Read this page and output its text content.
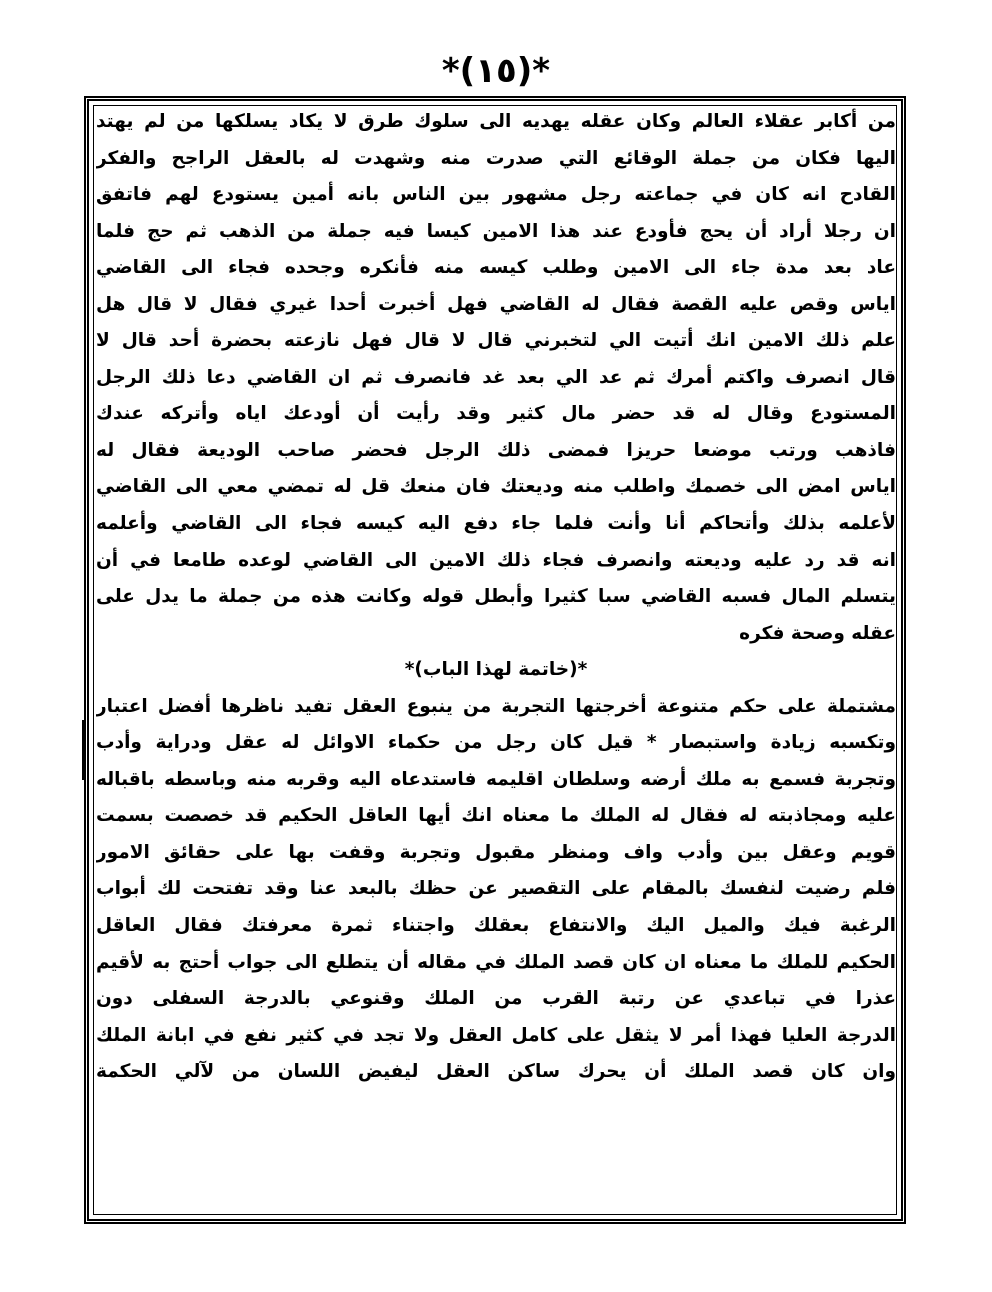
*(١٥)*
من أكابر عقلاء العالم وكان عقله يهديه الى سلوك طرق لا يكاد يسلكها من لم يهتد
اليها فكان من جملة الوقائع التي صدرت منه وشهدت له بالعقل الراجح والفكر
القادح انه كان في جماعته رجل مشهور بين الناس بانه أمين يستودع لهم فاتفق
ان رجلا أراد أن يحج فأودع عند هذا الامين كيسا فيه جملة من الذهب ثم حج فلما
عاد بعد مدة جاء الى الامين وطلب كيسه منه فأنكره وجحده فجاء الى القاضي
اياس وقص عليه القصة فقال له القاضي فهل أخبرت أحدا غيري فقال لا قال هل
علم ذلك الامين انك أتيت الي لتخبرني قال لا قال فهل نازعته بحضرة أحد قال لا
قال انصرف واكتم أمرك ثم عد الي بعد غد فانصرف ثم ان القاضي دعا ذلك الرجل
المستودع وقال له قد حضر مال كثير وقد رأيت أن أودعك اياه وأتركه عندك
فاذهب ورتب موضعا حريزا فمضى ذلك الرجل فحضر صاحب الوديعة فقال له
اياس امض الى خصمك واطلب منه وديعتك فان منعك قل له تمضي معي الى القاضي
لأعلمه بذلك وأتحاكم أنا وأنت فلما جاء دفع اليه كيسه فجاء الى القاضي وأعلمه
انه قد رد عليه وديعته وانصرف فجاء ذلك الامين الى القاضي لوعده طامعا في أن
يتسلم المال فسبه القاضي سبا كثيرا وأبطل قوله وكانت هذه من جملة ما يدل على
عقله وصحة فكره
*(خاتمة لهذا الباب)*
مشتملة على حكم متنوعة أخرجتها التجربة من ينبوع العقل تفيد ناظرها أفضل اعتبار
وتكسبه زيادة واستبصار * قيل كان رجل من حكماء الاوائل له عقل ودراية وأدب
وتجربة فسمع به ملك أرضه وسلطان اقليمه فاستدعاه اليه وقربه منه وباسطه باقباله
عليه ومجاذبته له فقال له الملك ما معناه انك أيها العاقل الحكيم قد خصصت بسمت
قويم وعقل بين وأدب واف ومنظر مقبول وتجربة وقفت بها على حقائق الامور
فلم رضيت لنفسك بالمقام على التقصير عن حظك بالبعد عنا وقد تفتحت لك أبواب
الرغبة فيك والميل اليك والانتفاع بعقلك واجتناء ثمرة معرفتك فقال العاقل
الحكيم للملك ما معناه ان كان قصد الملك في مقاله أن يتطلع الى جواب أحتج به لأقيم
عذرا في تباعدي عن رتبة القرب من الملك وقنوعي بالدرجة السفلى دون
الدرجة العليا فهذا أمر لا يثقل على كامل العقل ولا تجد في كثير نفع في ابانة الملك
وان كان قصد الملك أن يحرك ساكن العقل ليفيض اللسان من لآلي الحكمة
